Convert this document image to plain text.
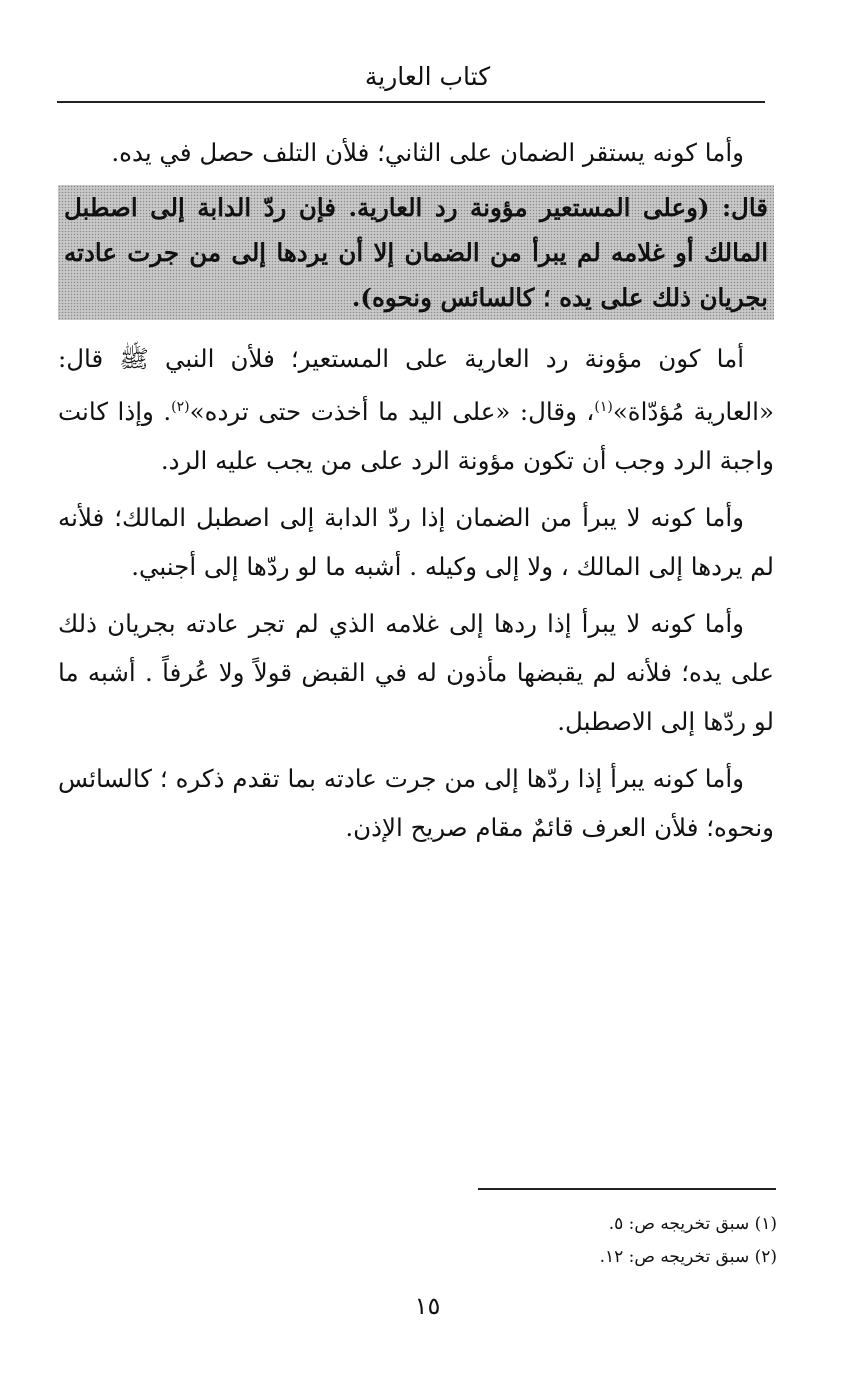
كتاب العارية

وأما كونه يستقر الضمان على الثاني؛ فلأن التلف حصل في يده.

قال: (وعلى المستعير مؤونة رد العارية. فإن ردّ الدابة إلى اصطبل المالك أو غلامه لم يبرأ من الضمان إلا أن يردها إلى من جرت عادته بجريان ذلك على يده ؛ كالسائس ونحوه).

أما كون مؤونة رد العارية على المستعير؛ فلأن النبي ﷺ قال: «العارية مُؤدّاة»$^{(١)}$، وقال: «على اليد ما أخذت حتى ترده»$^{(٢)}$. وإذا كانت واجبة الرد وجب أن تكون مؤونة الرد على من يجب عليه الرد.

وأما كونه لا يبرأ من الضمان إذا ردّ الدابة إلى اصطبل المالك؛ فلأنه لم يردها إلى المالك ، ولا إلى وكيله . أشبه ما لو ردّها إلى أجنبي.

وأما كونه لا يبرأ إذا ردها إلى غلامه الذي لم تجر عادته بجريان ذلك على يده؛ فلأنه لم يقبضها مأذون له في القبض قولاً ولا عُرفاً . أشبه ما لو ردّها إلى الاصطبل.

وأما كونه يبرأ إذا ردّها إلى من جرت عادته بما تقدم ذكره ؛ كالسائس ونحوه؛ فلأن العرف قائمٌ مقام صريح الإذن.

(١) سبق تخريجه ص: ٥.
(٢) سبق تخريجه ص: ١٢.
١٥
